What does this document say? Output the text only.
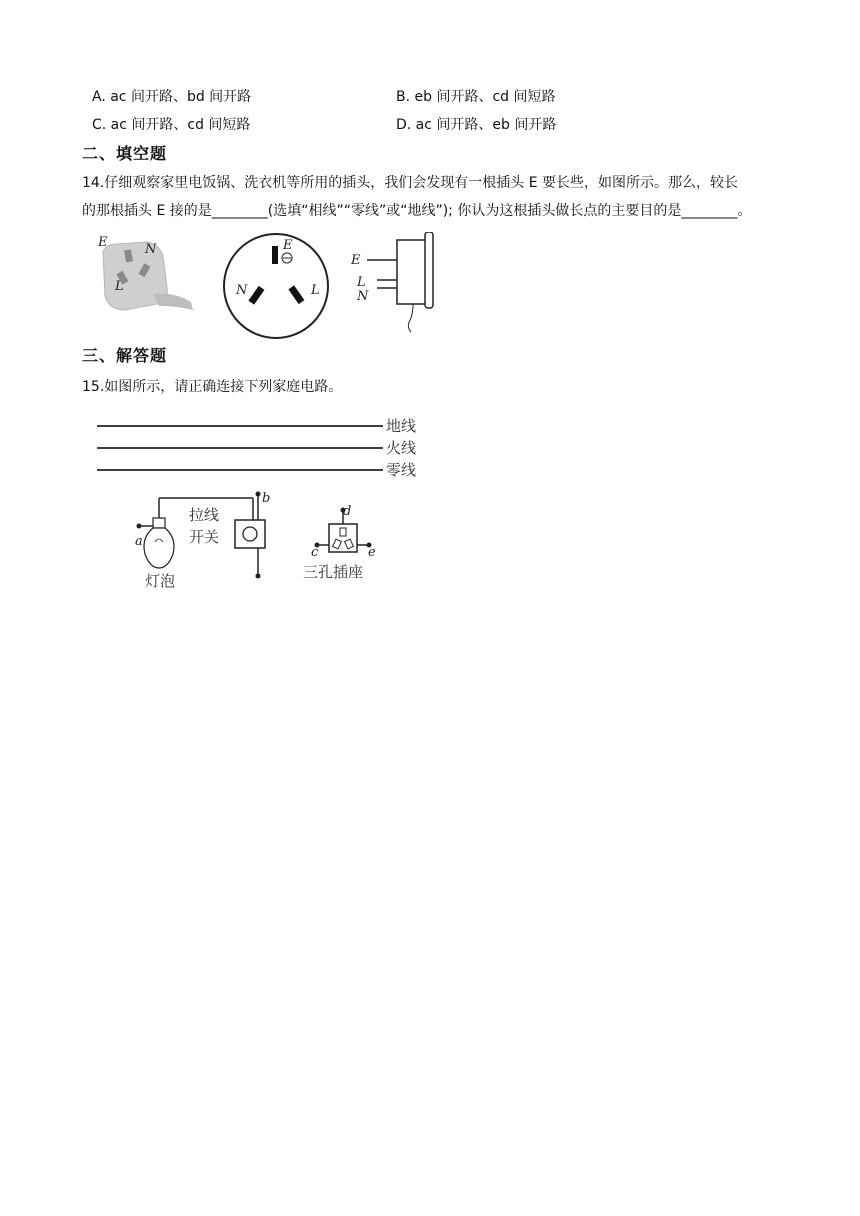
A. ac 间开路、bd 间开路	B. eb 间开路、cd 间短路
C. ac 间开路、cd 间短路	D. ac 间开路、eb 间开路
二、填空题
14.仔细观察家里电饭锅、洗衣机等所用的插头，我们会发现有一根插头 E 要长些，如图所示。那么，较长
的那根插头 E 接的是________(选填“相线”“零线”或“地线”); 你认为这根插头做长点的主要目的是________。
E	N
L
E
N	L
E
L
N
三、解答题
15.如图所示，请正确连接下列家庭电路。
地线
火线
零线
a
灯泡
b
拉线
开关
d
c	e
三孔插座
